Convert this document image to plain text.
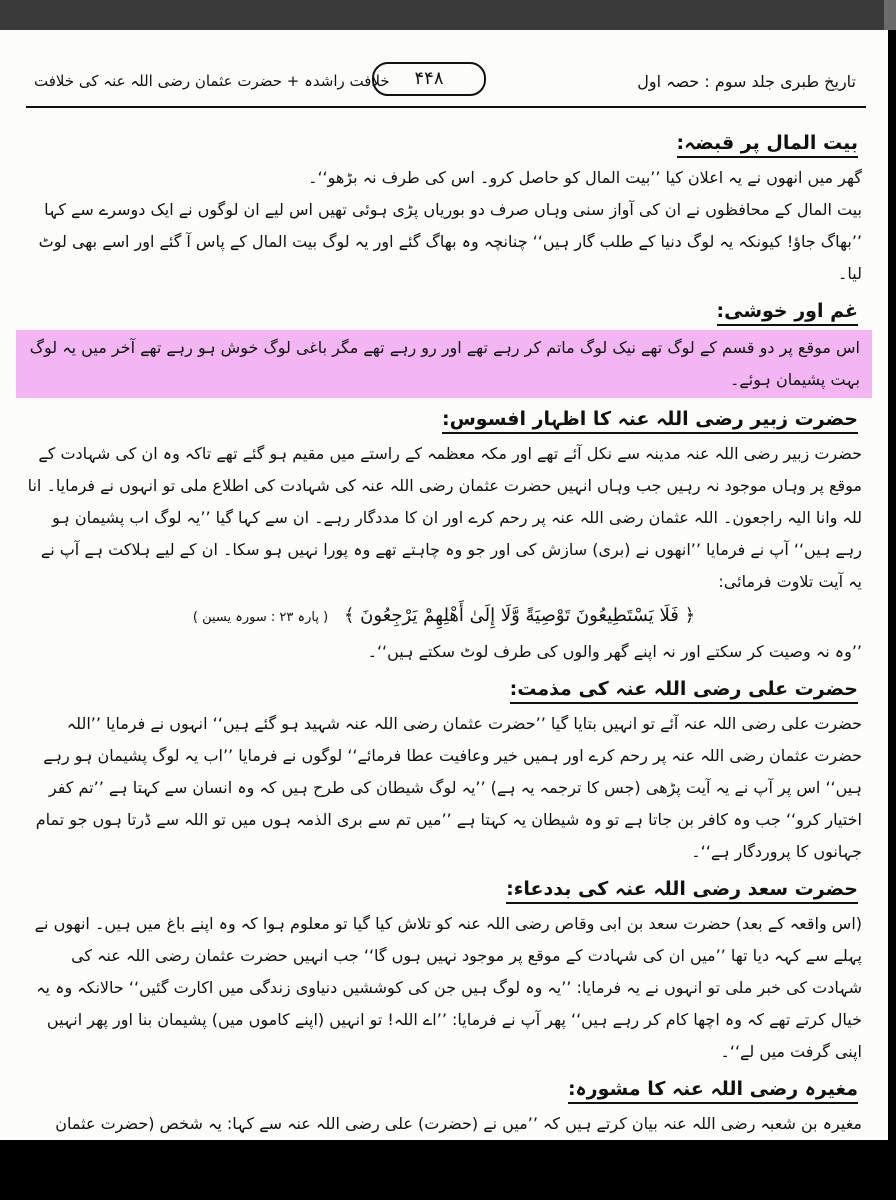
تاریخ طبری جلد سوم : حصہ اول
۴۴۸
خلافت راشدہ + حضرت عثمان رضی اللہ عنہ کی خلافت
بیت المال پر قبضہ:
گھر میں انھوں نے یہ اعلان کیا ’’بیت المال کو حاصل کرو۔ اس کی طرف نہ بڑھو‘‘۔
بیت المال کے محافظوں نے ان کی آواز سنی وہاں صرف دو بوریاں پڑی ہوئی تھیں اس لیے ان لوگوں نے ایک دوسرے سے کہا ’’بھاگ جاؤ! کیونکہ یہ لوگ دنیا کے طلب گار ہیں‘‘ چنانچہ وہ بھاگ گئے اور یہ لوگ بیت المال کے پاس آ گئے اور اسے بھی لوٹ لیا۔
غم اور خوشی:
اس موقع پر دو قسم کے لوگ تھے نیک لوگ ماتم کر رہے تھے اور رو رہے تھے مگر باغی لوگ خوش ہو رہے تھے آخر میں یہ لوگ بہت پشیمان ہوئے۔
حضرت زبیر رضی اللہ عنہ کا اظہار افسوس:
حضرت زبیر رضی اللہ عنہ مدینہ سے نکل آئے تھے اور مکہ معظمہ کے راستے میں مقیم ہو گئے تھے تاکہ وہ ان کی شہادت کے موقع پر وہاں موجود نہ رہیں جب وہاں انہیں حضرت عثمان رضی اللہ عنہ کی شہادت کی اطلاع ملی تو انہوں نے فرمایا۔ انا للہ وانا الیہ راجعون۔ اللہ عثمان رضی اللہ عنہ پر رحم کرے اور ان کا مددگار رہے۔ ان سے کہا گیا ’’یہ لوگ اب پشیمان ہو رہے ہیں‘‘ آپ نے فرمایا ’’انھوں نے (بری) سازش کی اور جو وہ چاہتے تھے وہ پورا نہیں ہو سکا۔ ان کے لیے ہلاکت ہے آپ نے یہ آیت تلاوت فرمائی:
﴿ فَلَا يَسْتَطِيعُونَ تَوْصِيَةً وَّلَا إِلَىٰ أَهْلِهِمْ يَرْجِعُونَ ﴾ ( پارہ ۲۳ : سورہ یسین )
’’وہ نہ وصیت کر سکتے اور نہ اپنے گھر والوں کی طرف لوٹ سکتے ہیں‘‘۔
حضرت علی رضی اللہ عنہ کی مذمت:
حضرت علی رضی اللہ عنہ آئے تو انہیں بتایا گیا ’’حضرت عثمان رضی اللہ عنہ شہید ہو گئے ہیں‘‘ انہوں نے فرمایا ’’اللہ حضرت عثمان رضی اللہ عنہ پر رحم کرے اور ہمیں خیر وعافیت عطا فرمائے‘‘ لوگوں نے فرمایا ’’اب یہ لوگ پشیمان ہو رہے ہیں‘‘ اس پر آپ نے یہ آیت پڑھی (جس کا ترجمہ یہ ہے) ’’یہ لوگ شیطان کی طرح ہیں کہ وہ انسان سے کہتا ہے ’’تم کفر اختیار کرو‘‘ جب وہ کافر بن جاتا ہے تو وہ شیطان یہ کہتا ہے ’’میں تم سے بری الذمہ ہوں میں تو اللہ سے ڈرتا ہوں جو تمام جہانوں کا پروردگار ہے‘‘۔
حضرت سعد رضی اللہ عنہ کی بددعاء:
(اس واقعہ کے بعد) حضرت سعد بن ابی وقاص رضی اللہ عنہ کو تلاش کیا گیا تو معلوم ہوا کہ وہ اپنے باغ میں ہیں۔ انھوں نے پہلے سے کہہ دیا تھا ’’میں ان کی شہادت کے موقع پر موجود نہیں ہوں گا‘‘ جب انہیں حضرت عثمان رضی اللہ عنہ کی شہادت کی خبر ملی تو انہوں نے یہ فرمایا: ’’یہ وہ لوگ ہیں جن کی کوششیں دنیاوی زندگی میں اکارت گئیں‘‘ حالانکہ وہ یہ خیال کرتے تھے کہ وہ اچھا کام کر رہے ہیں‘‘ پھر آپ نے فرمایا: ’’اے اللہ! تو انہیں (اپنے کاموں میں) پشیمان بنا اور پھر انہیں اپنی گرفت میں لے‘‘۔
مغیرہ رضی اللہ عنہ کا مشورہ:
مغیرہ بن شعبہ رضی اللہ عنہ بیان کرتے ہیں کہ ’’میں نے (حضرت) علی رضی اللہ عنہ سے کہا: یہ شخص (حضرت عثمان
